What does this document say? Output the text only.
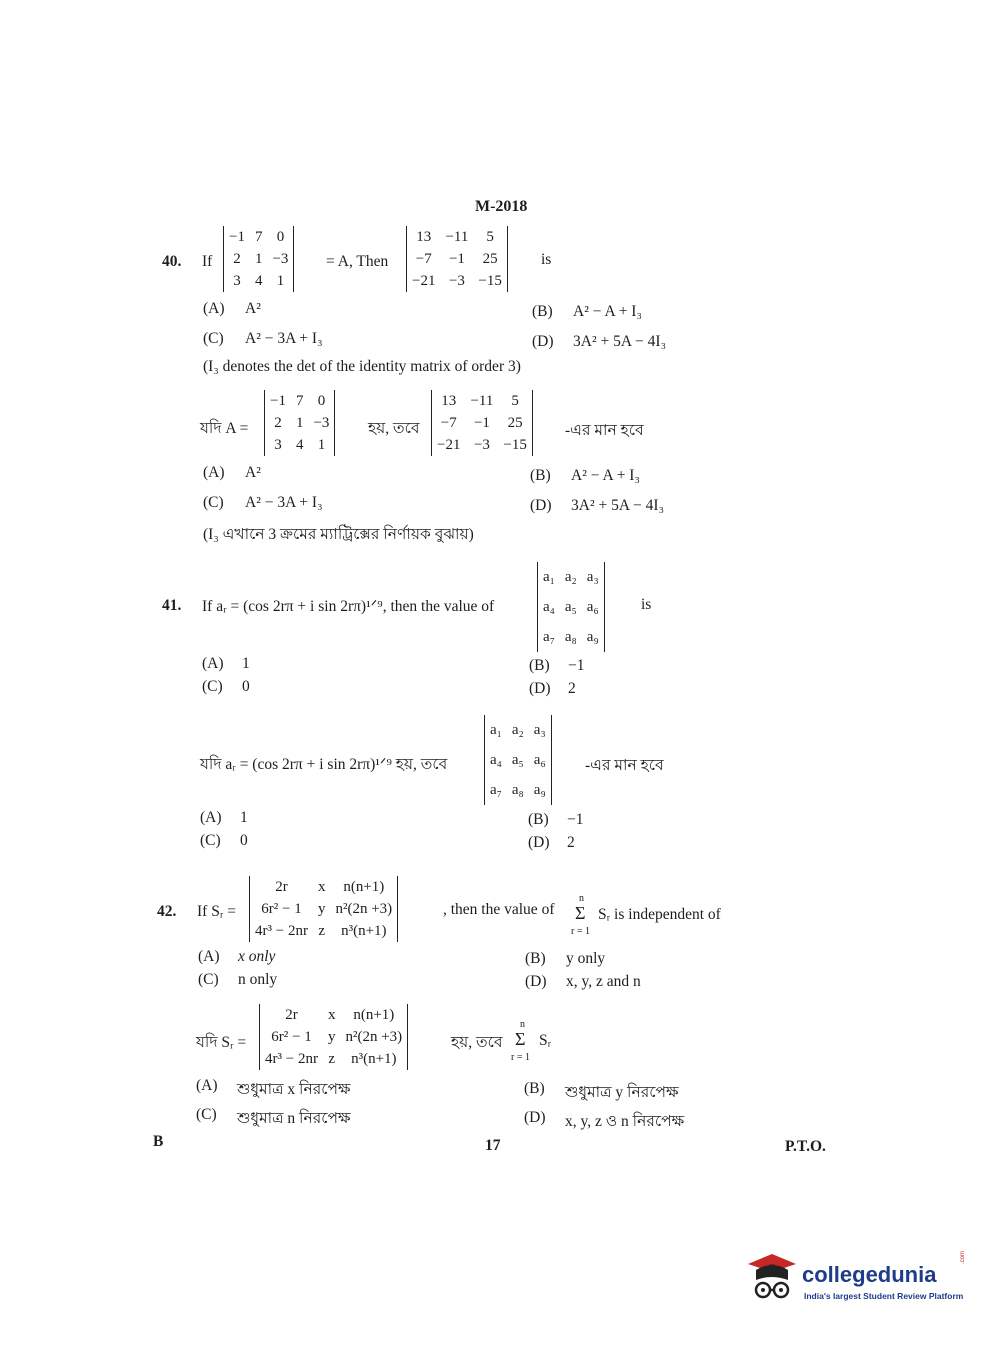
M-2018
40. If
−1	7	0
2	1	−3
3	4	1
= A, Then
13	−11	5
−7	−1	25
−21	−3	−15
is
(A) A²	(B) A² − A + I₃
(C) A² − 3A + I₃	(D) 3A² + 5A − 4I₃
(I₃ denotes the det of the identity matrix of order 3)
যদি A =
−1	7	0
2	1	−3
3	4	1
হয়, তবে
13	−11	5
−7	−1	25
−21	−3	−15
-এর মান হবে
(A) A²	(B) A² − A + I₃
(C) A² − 3A + I₃	(D) 3A² + 5A − 4I₃
(I₃ এখানে 3 ক্রমের ম্যাট্রিক্সের নির্ণায়ক বুঝায়)
41. If aᵣ = (cos 2rπ + i sin 2rπ)¹ᐟ⁹, then the value of
a₁	a₂	a₃
a₄	a₅	a₆
a₇	a₈	a₉
is
(A) 1	(B) −1
(C) 0	(D) 2
যদি aᵣ = (cos 2rπ + i sin 2rπ)¹ᐟ⁹ হয়, তবে
a₁	a₂	a₃
a₄	a₅	a₆
a₇	a₈	a₉
-এর মান হবে
(A) 1	(B) −1
(C) 0	(D) 2
42. If Sᵣ =
2r	x	n(n+1)
6r² − 1	y	n²(2n +3)
4r³ − 2nr	z	n³(n+1)
, then the value of
n
Σ
r = 1
Sᵣ is independent of
(A) x only	(B) y only
(C) n only	(D) x, y, z and n
যদি Sᵣ =
2r	x	n(n+1)
6r² − 1	y	n²(2n +3)
4r³ − 2nr	z	n³(n+1)
হয়, তবে
n
Σ
r = 1
Sᵣ
(A) শুধুমাত্র x নিরপেক্ষ	(B) শুধুমাত্র y নিরপেক্ষ
(C) শুধুমাত্র n নিরপেক্ষ	(D) x, y, z ও n নিরপেক্ষ
B	17	P.T.O.
collegedunia
.com
India's largest Student Review Platform
